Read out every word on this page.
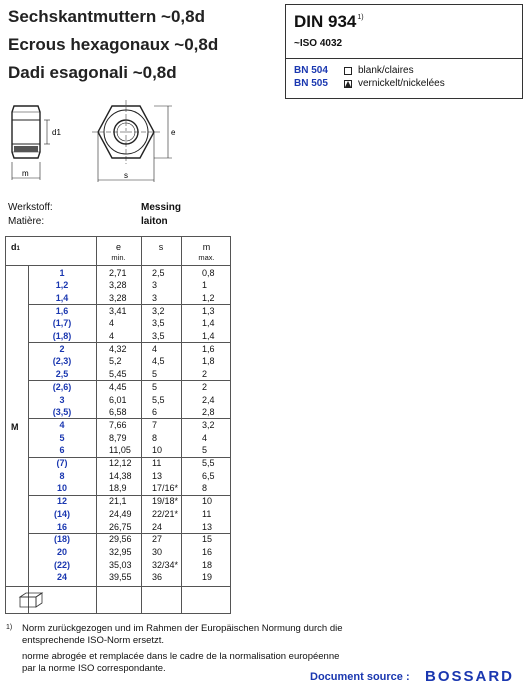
Sechskantmuttern ~0,8d
Ecrous hexagonaux ~0,8d
Dadi esagonali ~0,8d
DIN 934$^{1)}$
~ISO 4032
BN 504	blank/claires
BN 505	vernickelt/nickelées
d1
m	s
e
Werkstoff:
Matière:
Messing
laiton
d1	e
min.
s	m
max.
M
1	2,71	2,5	0,8
1,2	3,28	3	1
1,4	3,28	3	1,2
1,6	3,41	3,2	1,3
(1,7)	4	3,5	1,4
(1,8)	4	3,5	1,4
2	4,32	4	1,6
(2,3)	5,2	4,5	1,8
2,5	5,45	5	2
(2,6)	4,45	5	2
3	6,01	5,5	2,4
(3,5)	6,58	6	2,8
4	7,66	7	3,2
5	8,79	8	4
6	11,05	10	5
(7)	12,12	11	5,5
8	14,38	13	6,5
10	18,9	17/16*	8
12	21,1	19/18*	10
(14)	24,49	22/21*	11
16	26,75	24	13
(18)	29,56	27	15
20	32,95	30	16
(22)	35,03	32/34*	18
24	39,55	36	19
1) Norm zurückgezogen und im Rahmen der Europäischen Normung durch die
entsprechende ISO-Norm ersetzt.
norme abrogée et remplacée dans le cadre de la normalisation européenne
par la norme ISO correspondante.
Document source : BOSSARD
